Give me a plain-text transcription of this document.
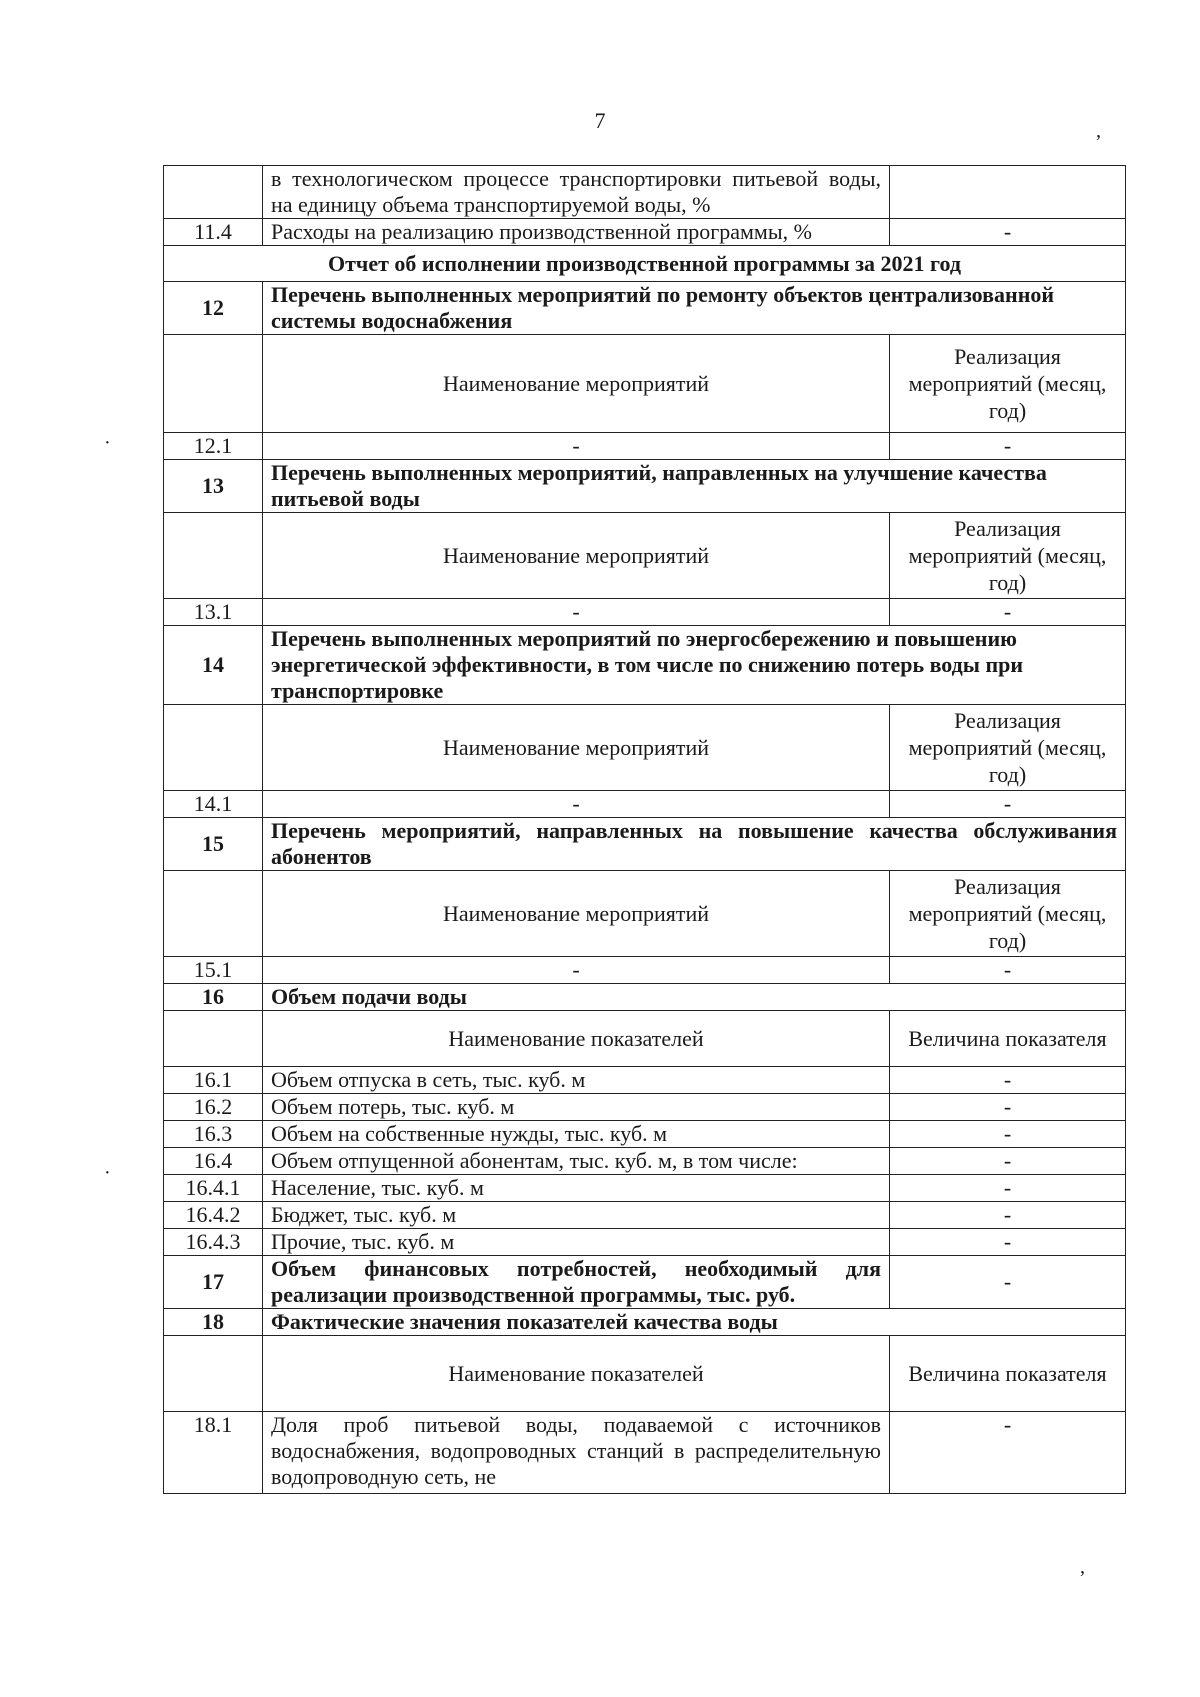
7
	в технологическом процессе транспортировки питьевой воды, на единицу объема транспортируемой воды, %	
11.4	Расходы на реализацию производственной программы, %	-
Отчет об исполнении производственной программы за 2021 год		
12	Перечень выполненных мероприятий по ремонту объектов централизованной системы водоснабжения	
	Наименование мероприятий	Реализация мероприятий (месяц, год)
12.1	-	-
13	Перечень выполненных мероприятий, направленных на улучшение качества питьевой воды	
	Наименование мероприятий	Реализация мероприятий (месяц, год)
13.1	-	-
14	Перечень выполненных мероприятий по энергосбережению и повышению энергетической эффективности, в том числе по снижению потерь воды при транспортировке	
	Наименование мероприятий	Реализация мероприятий (месяц, год)
14.1	-	-
15	Перечень мероприятий, направленных на повышение качества обслуживания абонентов	
	Наименование мероприятий	Реализация мероприятий (месяц, год)
15.1	-	-
16	Объем подачи воды	
	Наименование показателей	Величина показателя
16.1	Объем отпуска в сеть, тыс. куб. м	-
16.2	Объем потерь, тыс. куб. м	-
16.3	Объем на собственные нужды, тыс. куб. м	-
16.4	Объем отпущенной абонентам, тыс. куб. м, в том числе:	-
16.4.1	Население, тыс. куб. м	-
16.4.2	Бюджет, тыс. куб. м	-
16.4.3	Прочие, тыс. куб. м	-
17	Объем финансовых потребностей, необходимый для реализации производственной программы, тыс. руб.	-
18	Фактические значения показателей качества воды	
	Наименование показателей	Величина показателя
18.1	Доля проб питьевой воды, подаваемой с источников водоснабжения, водопроводных станций в распределительную водопроводную сеть, не	-
,
·
·
,
